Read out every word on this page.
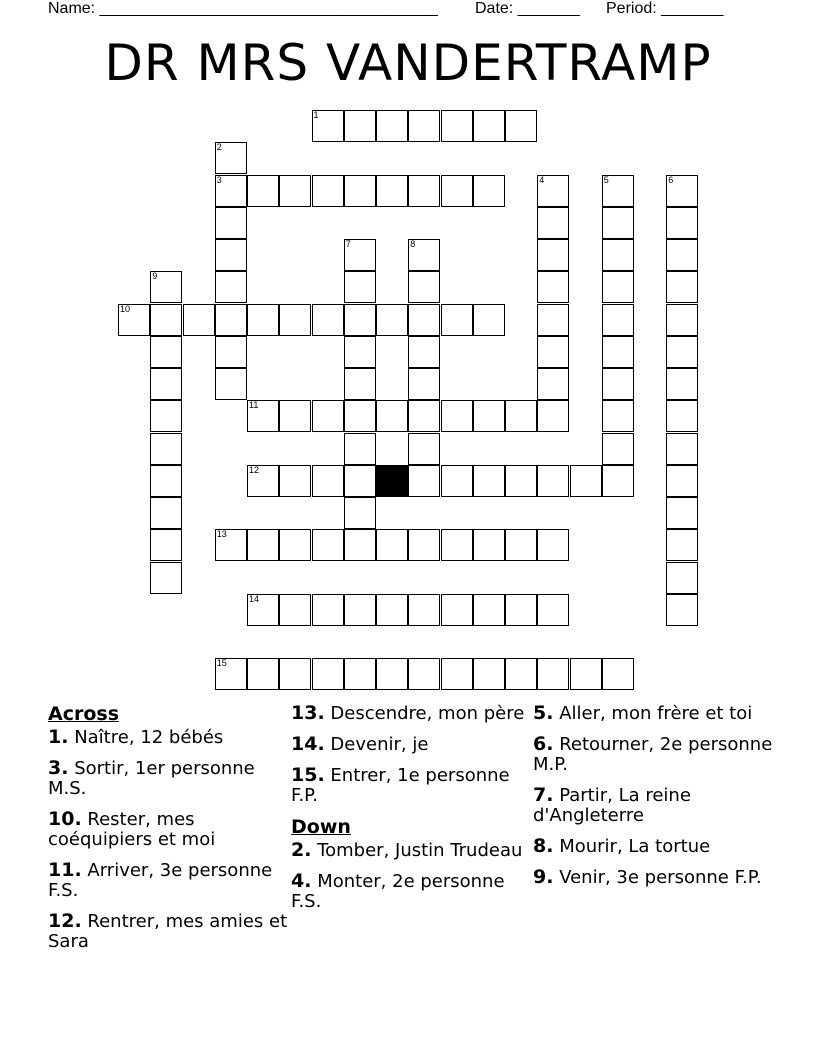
Name: ______________________________________ Date: _______ Period: _______
DR MRS VANDERTRAMP
1
2
3	4	5	6
7	8
9
10
11
12
13
14
15
Across
1. Naître, 12 bébés
3. Sortir, 1er personne M.S.
10. Rester, mes coéquipiers et moi
11. Arriver, 3e personne F.S.
12. Rentrer, mes amies et Sara
13. Descendre, mon père
14. Devenir, je
15. Entrer, 1e personne F.P.
Down
2. Tomber, Justin Trudeau
4. Monter, 2e personne F.S.
5. Aller, mon frère et toi
6. Retourner, 2e personne M.P.
7. Partir, La reine d'Angleterre
8. Mourir, La tortue
9. Venir, 3e personne F.P.
